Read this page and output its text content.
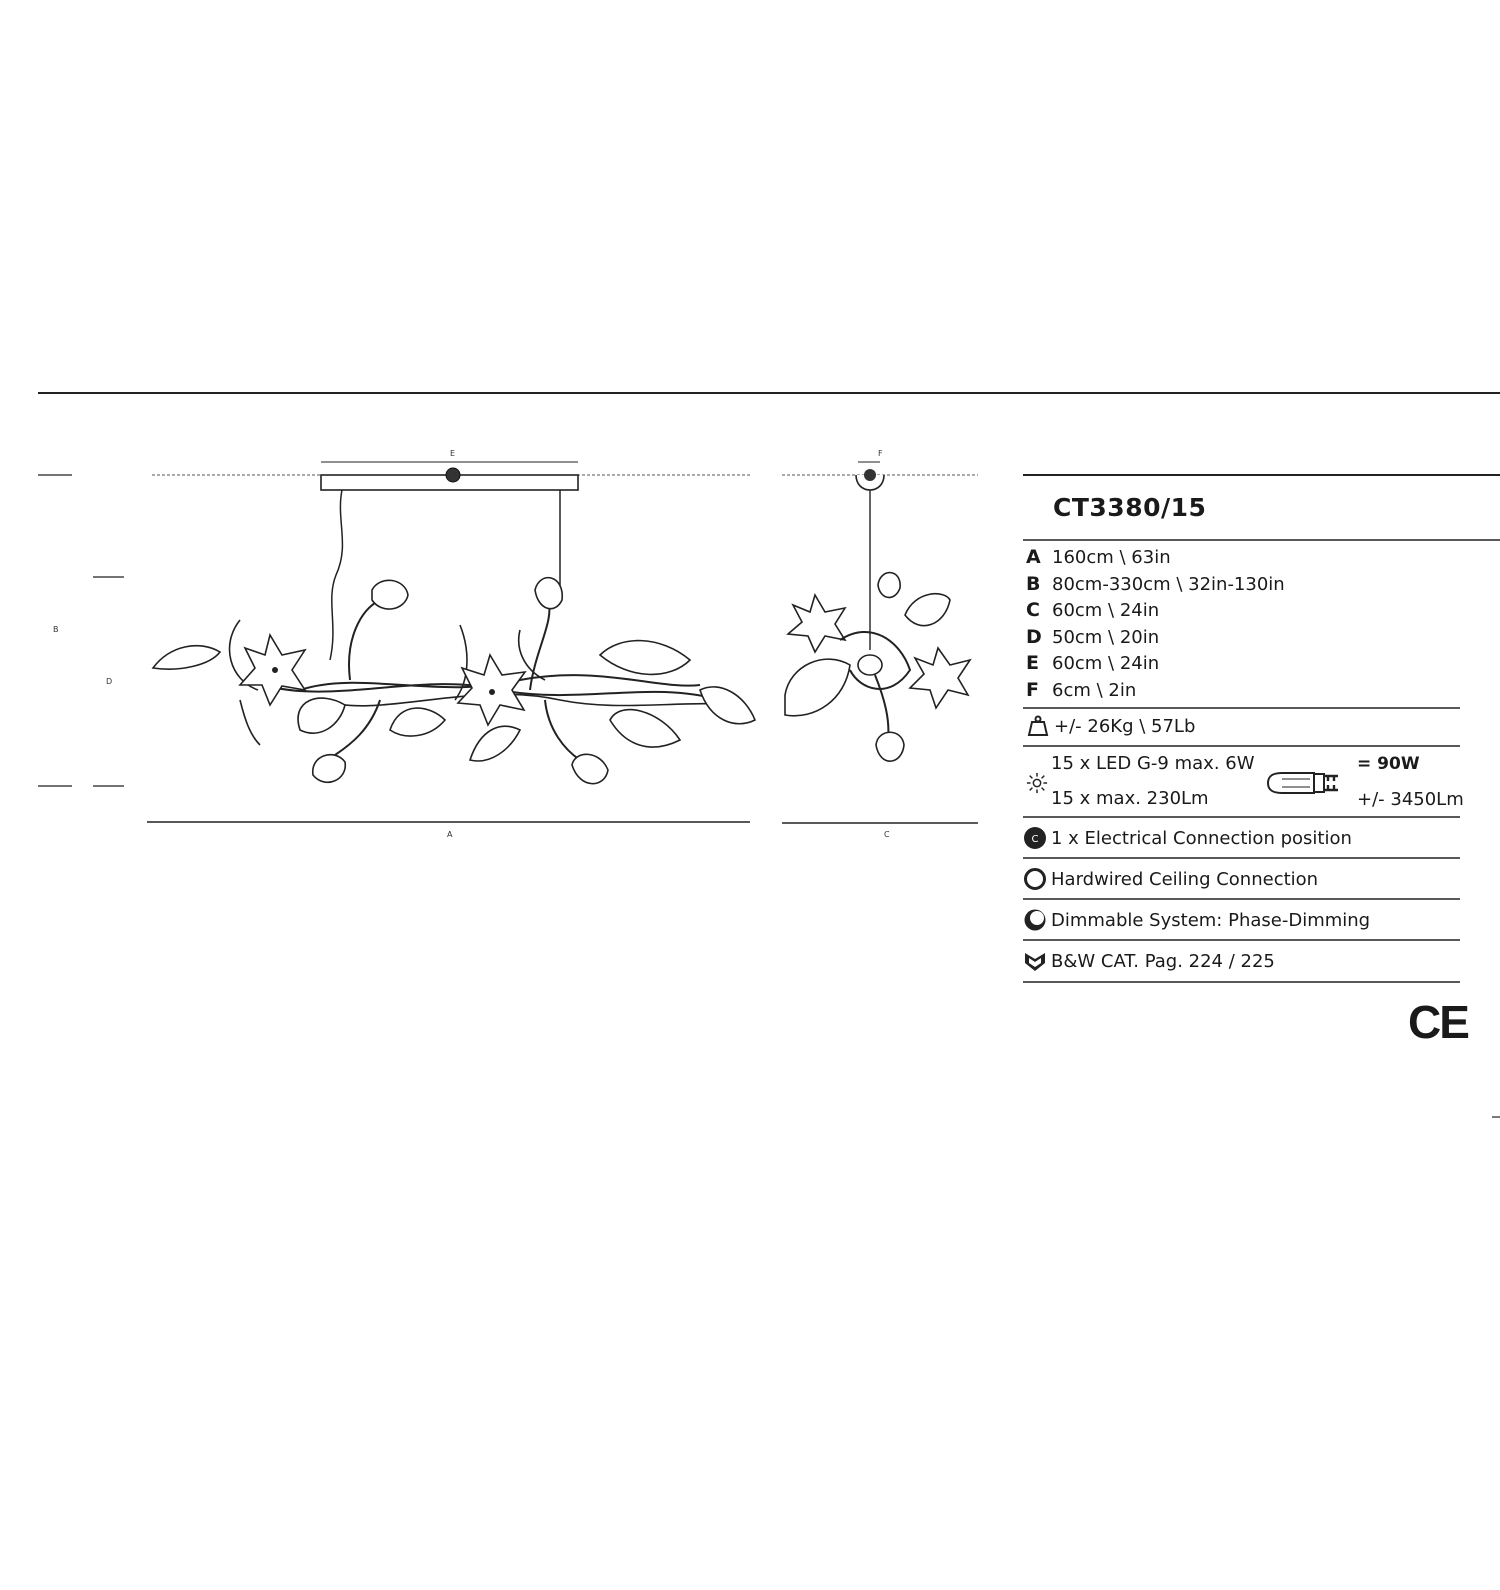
E
B
D
A
F
C
CT3380/15
A 160cm \ 63in
B 80cm-330cm \ 32in-130in
C 60cm \ 24in
D 50cm \ 20in
E 60cm \ 24in
F 6cm \ 2in
+/- 26Kg \ 57Lb
15 x LED G-9 max. 6W
15 x max. 230Lm
= 90W
+/- 3450Lm
C 1 x Electrical Connection position
Hardwired Ceiling Connection
Dimmable System: Phase-Dimming
B&W CAT. Pag. 224 / 225
CE
